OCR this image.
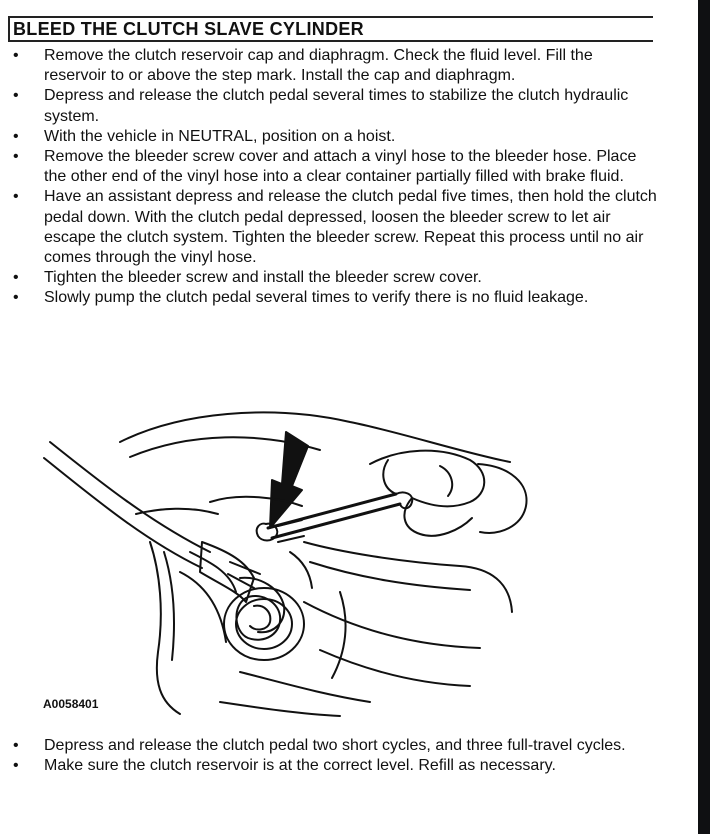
BLEED THE CLUTCH SLAVE CYLINDER
• Remove the clutch reservoir cap and diaphragm. Check the fluid level. Fill the reservoir to or above the step mark. Install the cap and diaphragm.
• Depress and release the clutch pedal several times to stabilize the clutch hydraulic system.
• With the vehicle in NEUTRAL, position on a hoist.
• Remove the bleeder screw cover and attach a vinyl hose to the bleeder hose. Place the other end of the vinyl hose into a clear container partially filled with brake fluid.
• Have an assistant depress and release the clutch pedal five times, then hold the clutch pedal down. With the clutch pedal depressed, loosen the bleeder screw to let air escape the clutch system. Tighten the bleeder screw. Repeat this process until no air comes through the vinyl hose.
• Tighten the bleeder screw and install the bleeder screw cover.
• Slowly pump the clutch pedal several times to verify there is no fluid leakage.
A0058401
• Depress and release the clutch pedal two short cycles, and three full-travel cycles.
• Make sure the clutch reservoir is at the correct level. Refill as necessary.
